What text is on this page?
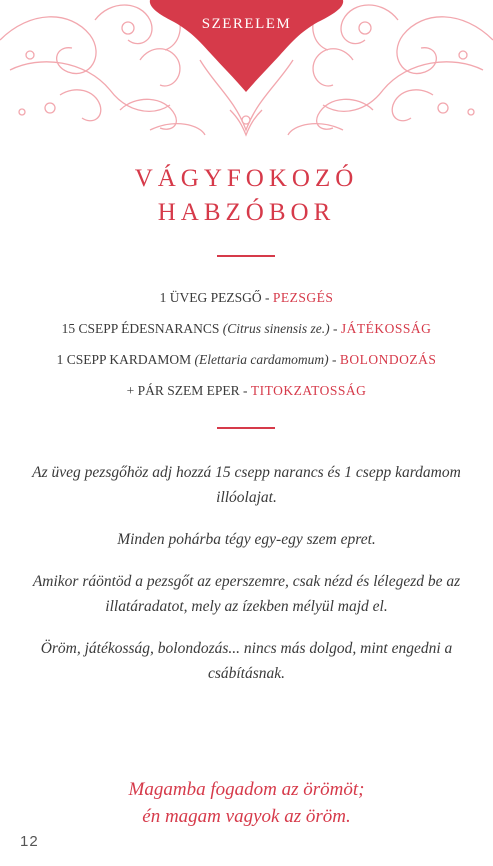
SZERELEM
VÁGYFOKOZÓ
HABZÓBOR
1 ÜVEG PEZSGŐ - PEZSGÉS
15 CSEPP ÉDESNARANCS (Citrus sinensis ze.) - JÁTÉKOSSÁG
1 CSEPP KARDAMOM (Elettaria cardamomum) - BOLONDOZÁS
+ PÁR SZEM EPER - TITOKZATOSSÁG

Az üveg pezsgőhöz adj hozzá 15 csepp narancs és 1 csepp kardamom illóolajat.

Minden pohárba tégy egy-egy szem epret.

Amikor ráöntöd a pezsgőt az eperszemre, csak nézd és lélegezd be az illatáradatot, mely az ízekben mélyül majd el.

Öröm, játékosság, bolondozás... nincs más dolgod, mint engedni a csábításnak.

Magamba fogadom az örömöt;
én magam vagyok az öröm.
12
